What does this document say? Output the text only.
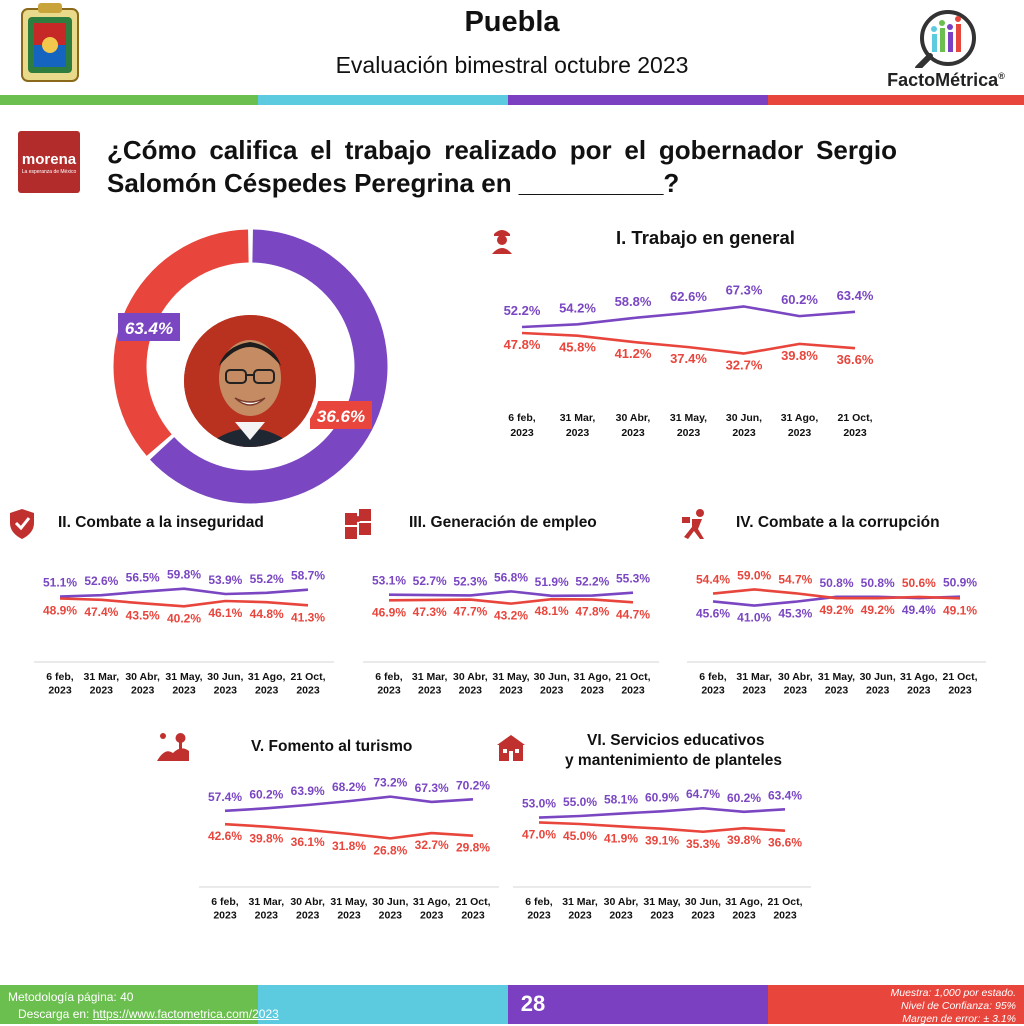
Puebla
Evaluación bimestral octubre 2023
FactoMétrica®
morena
La esperanza de México
¿Cómo califica el trabajo realizado por el gobernador Sergio Salomón Céspedes Peregrina en __________?
63.4%
36.6%
I. Trabajo en general
52.2%
47.8%
54.2%
45.8%
58.8%
41.2%
62.6%
37.4%
67.3%
32.7%
60.2%
39.8%
63.4%
36.6%
6 feb, 2023
31 Mar, 2023
30 Abr, 2023
31 May, 2023
30 Jun, 2023
31 Ago, 2023
21 Oct, 2023
II. Combate a la inseguridad
51.1%
48.9%
52.6%
47.4%
56.5%
43.5%
59.8%
40.2%
53.9%
46.1%
55.2%
44.8%
58.7%
41.3%
6 feb, 2023
31 Mar, 2023
30 Abr, 2023
31 May, 2023
30 Jun, 2023
31 Ago, 2023
21 Oct, 2023
III. Generación de empleo
53.1%
46.9%
52.7%
47.3%
52.3%
47.7%
56.8%
43.2%
51.9%
48.1%
52.2%
47.8%
55.3%
44.7%
6 feb, 2023
31 Mar, 2023
30 Abr, 2023
31 May, 2023
30 Jun, 2023
31 Ago, 2023
21 Oct, 2023
IV. Combate a la corrupción
54.4%
45.6%
59.0%
41.0%
54.7%
45.3%
50.8%
49.2%
50.8%
49.2%
50.6%
49.4%
50.9%
49.1%
6 feb, 2023
31 Mar, 2023
30 Abr, 2023
31 May, 2023
30 Jun, 2023
31 Ago, 2023
21 Oct, 2023
V. Fomento al turismo
57.4%
42.6%
60.2%
39.8%
63.9%
36.1%
68.2%
31.8%
73.2%
26.8%
67.3%
32.7%
70.2%
29.8%
6 feb, 2023
31 Mar, 2023
30 Abr, 2023
31 May, 2023
30 Jun, 2023
31 Ago, 2023
21 Oct, 2023
VI. Servicios educativos y mantenimiento de planteles
53.0%
47.0%
55.0%
45.0%
58.1%
41.9%
60.9%
39.1%
64.7%
35.3%
60.2%
39.8%
63.4%
36.6%
6 feb, 2023
31 Mar, 2023
30 Abr, 2023
31 May, 2023
30 Jun, 2023
31 Ago, 2023
21 Oct, 2023
Metodología página: 40
Descarga en: https://www.factometrica.com/2023	28	Muestra: 1,000 por estado.
Nivel de Confianza: 95%
Margen de error: ± 3.1%
